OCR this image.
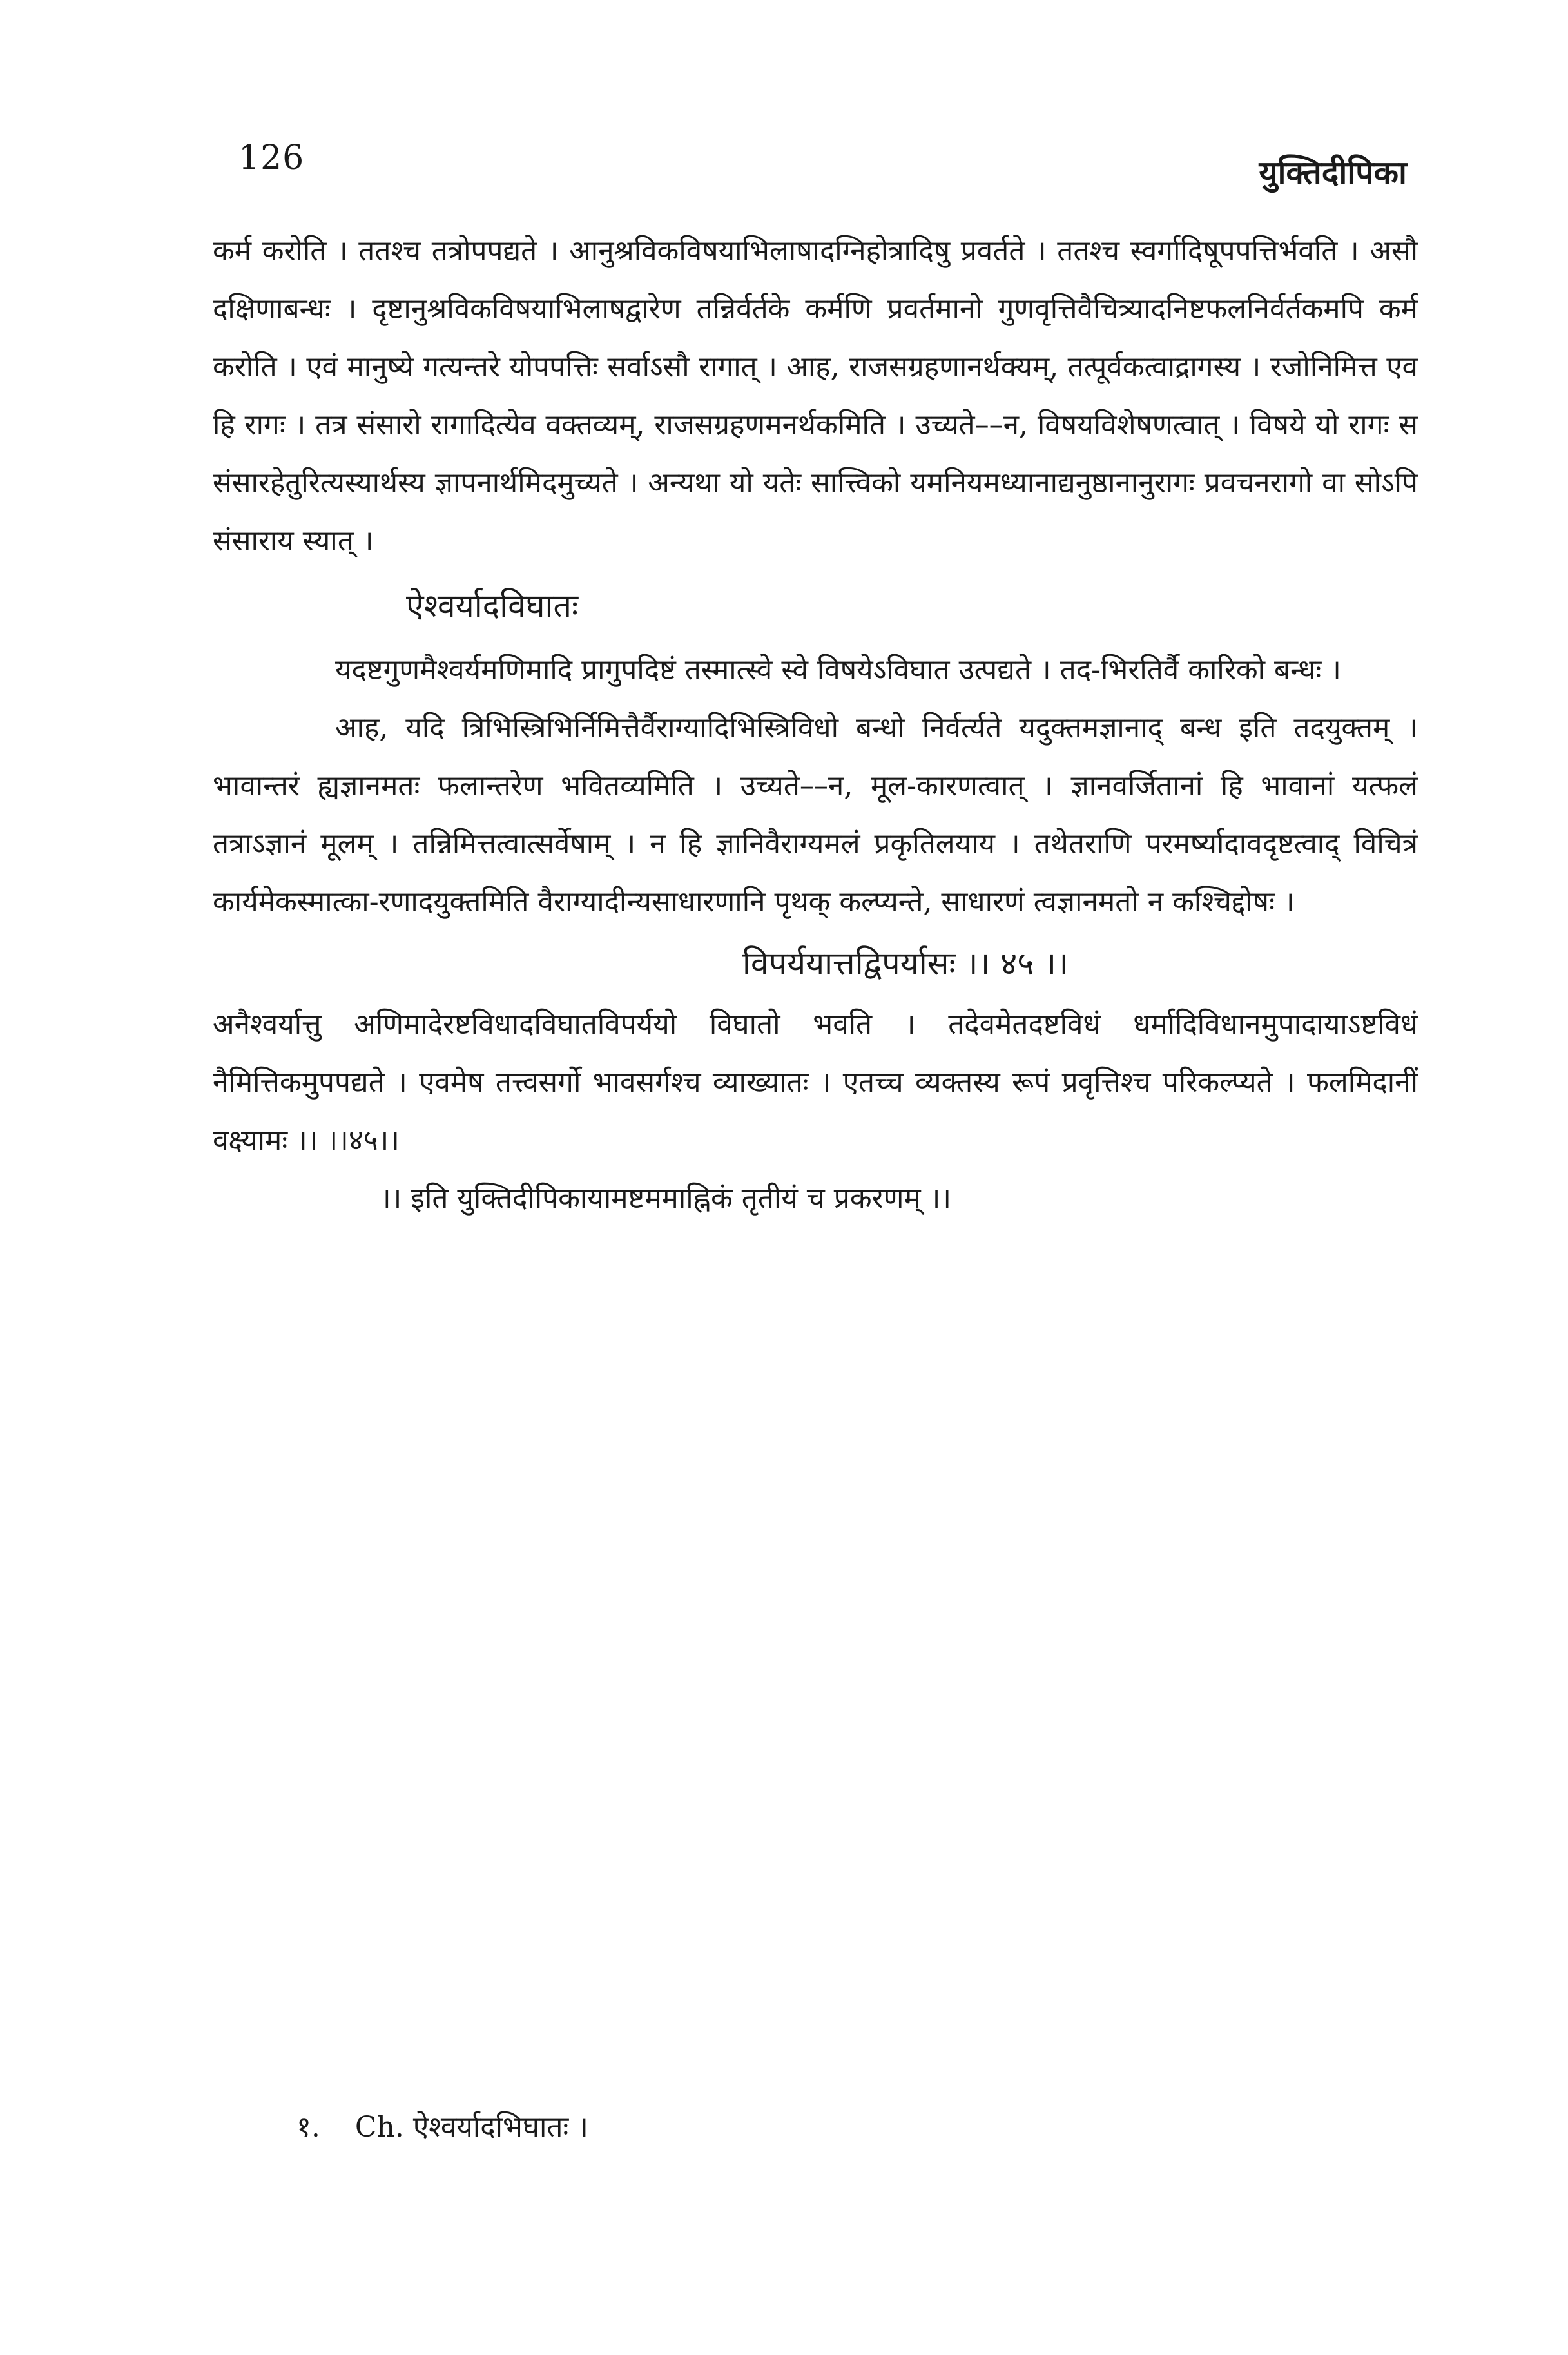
126	युक्तिदीपिका

कर्म करोति । ततश्च तत्रोपपद्यते । आनुश्रविकविषयाभिलाषादग्निहोत्रादिषु प्रवर्तते । ततश्च स्वर्गादिषूपपत्तिर्भवति । असौ दक्षिणाबन्धः । दृष्टानुश्रविकविषयाभिलाषद्वारेण तन्निर्वर्तके कर्मणि प्रवर्तमानो गुणवृत्तिवैचित्र्यादनिष्टफलनिर्वर्तकमपि कर्म करोति । एवं मानुष्ये गत्यन्तरे योपपत्तिः सर्वाऽसौ रागात् । आह, राजसग्रहणानर्थक्यम्, तत्पूर्वकत्वाद्रागस्य । रजोनिमित्त एव हि रागः । तत्र संसारो रागादित्येव वक्तव्यम्, राजसग्रहणमनर्थकमिति । उच्यते––न, विषयविशेषणत्वात् । विषये यो रागः स संसारहेतुरित्यस्यार्थस्य ज्ञापनार्थमिदमुच्यते । अन्यथा यो यतेः सात्त्विको यमनियमध्यानाद्यनुष्ठानानुरागः प्रवचनरागो वा सोऽपि संसाराय स्यात् ।

ऐश्वर्यादविघातः

यदष्टगुणमैश्वर्यमणिमादि प्रागुपदिष्टं तस्मात्स्वे स्वे विषयेऽविघात उत्पद्यते । तद-भिरतिर्वै कारिको बन्धः ।

आह, यदि त्रिभिस्त्रिभिर्निमित्तैर्वैराग्यादिभिस्त्रिविधो बन्धो निर्वर्त्यते यदुक्तमज्ञानाद् बन्ध इति तदयुक्तम् । भावान्तरं ह्यज्ञानमतः फलान्तरेण भवितव्यमिति । उच्यते––न, मूल-कारणत्वात् । ज्ञानवर्जितानां हि भावानां यत्फलं तत्राऽज्ञानं मूलम् । तन्निमित्तत्वात्सर्वेषाम् । न हि ज्ञानिवैराग्यमलं प्रकृतिलयाय । तथेतराणि परमर्ष्यादावदृष्टत्वाद् विचित्रं कार्यमेकस्मात्का-रणादयुक्तमिति वैराग्यादीन्यसाधारणानि पृथक् कल्प्यन्ते, साधारणं त्वज्ञानमतो न कश्चिद्दोषः ।

विपर्ययात्तद्विपर्यासः ।। ४५ ।।

अनैश्वर्यात्तु अणिमादेरष्टविधादविघातविपर्ययो विघातो भवति । तदेवमेतदष्टविधं धर्मादिविधानमुपादायाऽष्टविधं नैमित्तिकमुपपद्यते । एवमेष तत्त्वसर्गो भावसर्गश्च व्याख्यातः । एतच्च व्यक्तस्य रूपं प्रवृत्तिश्च परिकल्प्यते । फलमिदानीं वक्ष्यामः ।। ।।४५।।

।। इति युक्तिदीपिकायामष्टममाह्निकं तृतीयं च प्रकरणम् ।।

१. Ch. ऐश्वर्यादभिघातः ।
